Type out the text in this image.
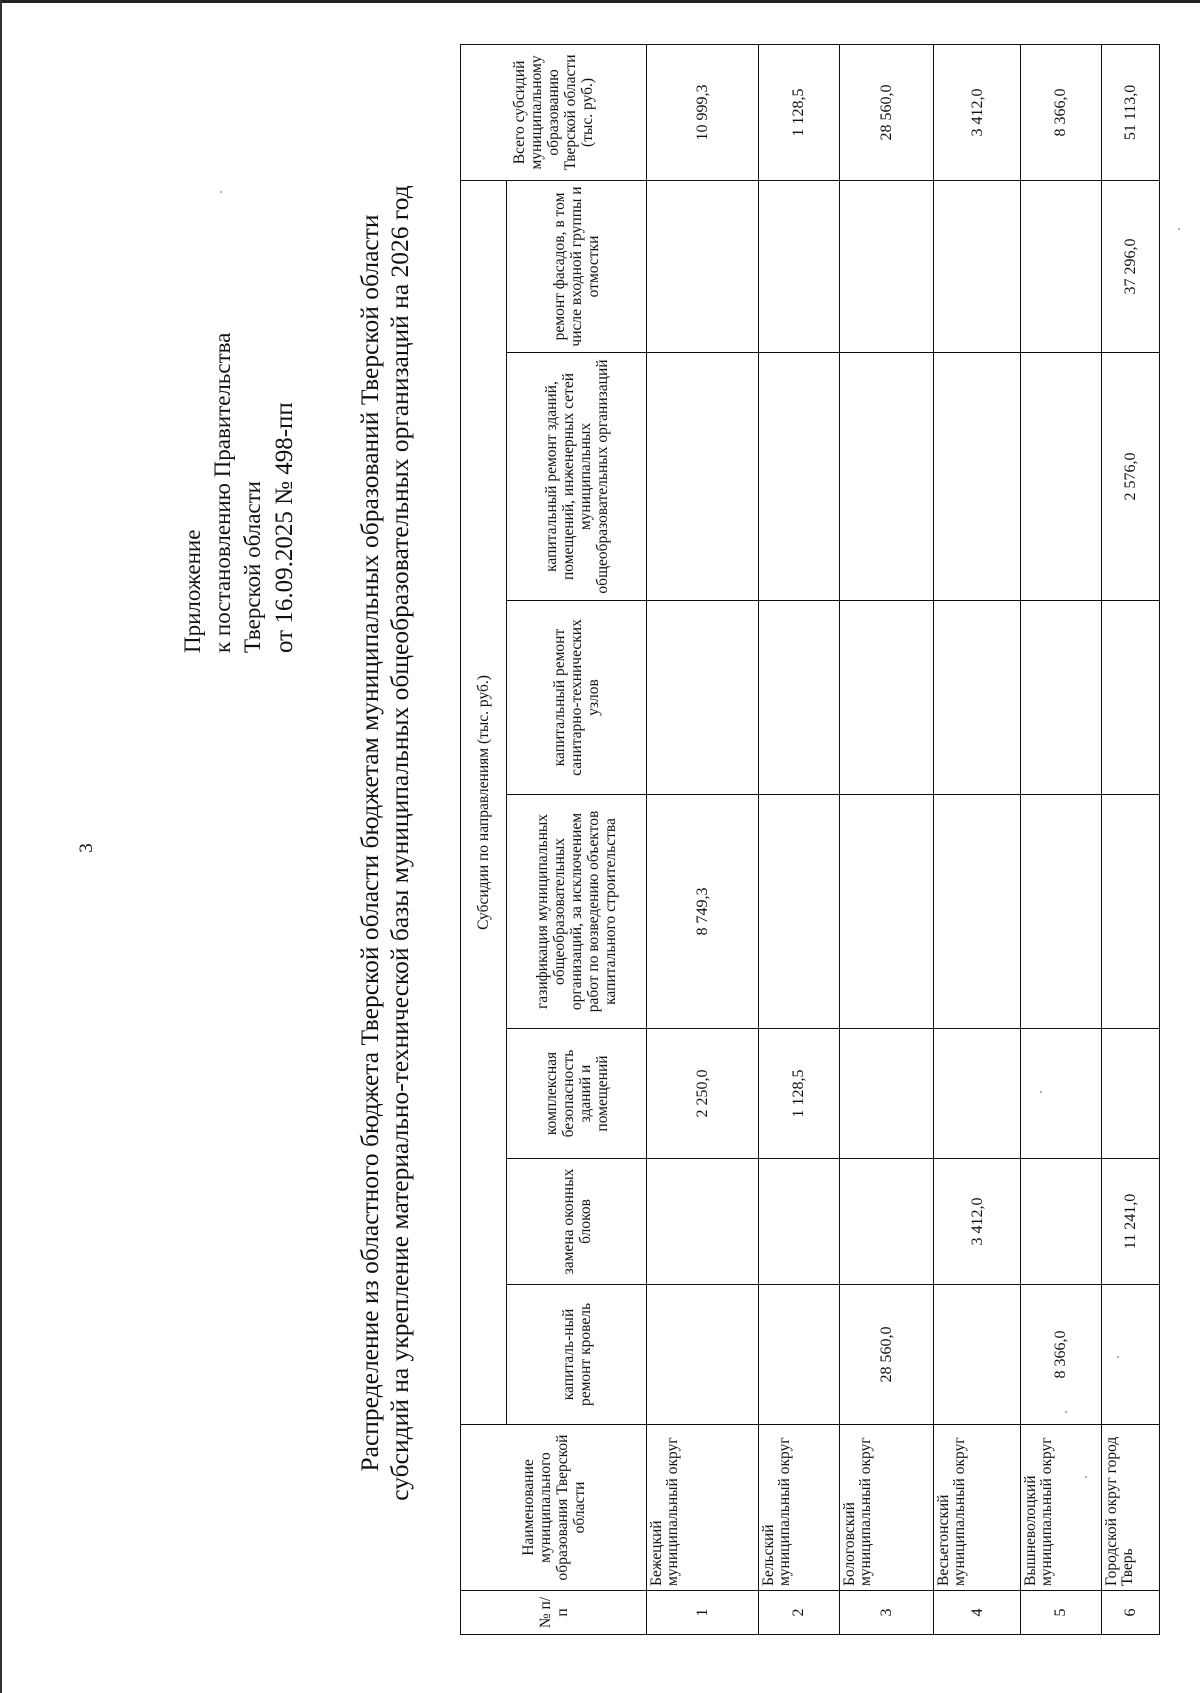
3
Приложение к постановлению Правительства Тверской области от 16.09.2025 № 498-пп Распределение из областного бюджета Тверской области бюджетам муниципальных образований Тверской области субсидий на укрепление материально-технической базы муниципальных общеобразовательных организаций на 2026 год
№ п/п	Наименование муниципального образования Тверской области	Субсидии по направлениям (тыс. руб.)							Всего субсидий муниципальному образованию Тверской области (тыс. руб.)
		капиталь-ный ремонт кровель	замена оконных блоков	комплексная безопасность зданий и помещений	газификация муниципальных общеобразовательных организаций, за исключением работ по возведению объектов капитального строительства	капитальный ремонт санитарно-технических узлов	капитальный ремонт зданий, помещений, инженерных сетей муниципальных общеобразовательных организаций	ремонт фасадов, в том числе входной группы и отмостки	
1	Бежецкий муниципальный округ			2 250,0	8 749,3				10 999,3
2	Бельский муниципальный округ			1 128,5					1 128,5
3	Бологовский муниципальный округ	28 560,0							28 560,0
4	Весьегонский муниципальный округ		3 412,0						3 412,0
5	Вышневолоцкий муниципальный округ	8 366,0							8 366,0
6	Городской округ город Тверь		11 241,0				2 576,0	37 296,0	51 113,0
